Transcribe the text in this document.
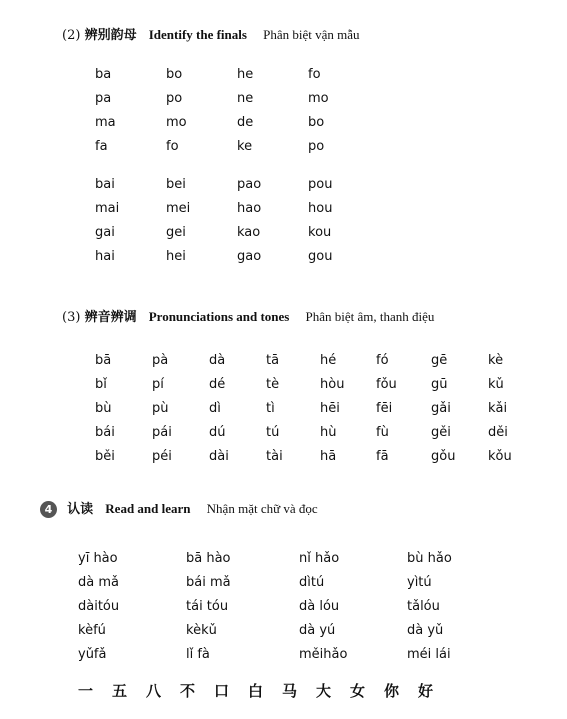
(2) 辨别韵母 Identify the finals Phân biệt vận mẫu
ba	bo	he	fo
pa	po	ne	mo
ma	mo	de	bo
fa	fo	ke	po
bai	bei	pao	pou
mai	mei	hao	hou
gai	gei	kao	kou
hai	hei	gao	gou
(3) 辨音辨调 Pronunciations and tones Phân biệt âm, thanh điệu
bā	pà	dà	tā	hé	fó	gē	kè
bǐ	pí	dé	tè	hòu	fǒu	gū	kǔ
bù	pù	dì	tì	hēi	fēi	gǎi	kǎi
bái	pái	dú	tú	hù	fù	gěi	děi
běi	péi	dài	tài	hā	fā	gǒu	kǒu
4 认读 Read and learn Nhận mặt chữ và đọc
yī hào	bā hào	nǐ hǎo	bù hǎo
dà mǎ	bái mǎ	dìtú	yìtú
dàitóu	tái tóu	dà lóu	tǎlóu
kèfú	kèkǔ	dà yú	dà yǔ
yǔfǎ	lǐ fà	měihǎo	méi lái
一	五	八	不	口	白	马	大	女	你	好
